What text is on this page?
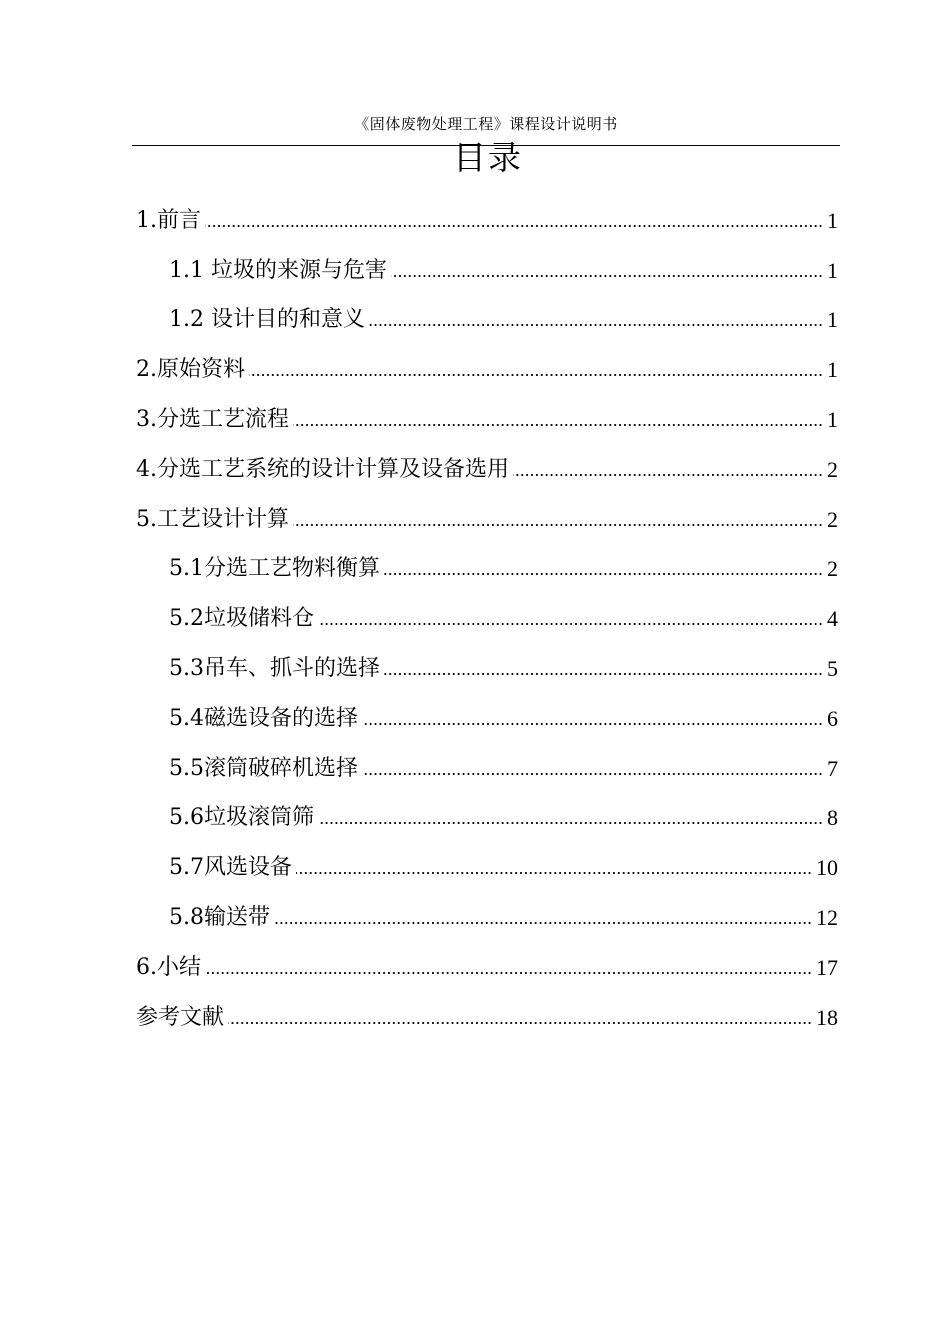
《固体废物处理工程》课程设计说明书
目录
1.前言	1
1.1 垃圾的来源与危害	1
1.2 设计目的和意义	1
2.原始资料	1
3.分选工艺流程	1
4.分选工艺系统的设计计算及设备选用	2
5.工艺设计计算	2
5.1分选工艺物料衡算	2
5.2垃圾储料仓	4
5.3吊车、抓斗的选择	5
5.4磁选设备的选择	6
5.5滚筒破碎机选择	7
5.6垃圾滚筒筛	8
5.7风选设备	10
5.8输送带	12
6.小结	17
参考文献	18
